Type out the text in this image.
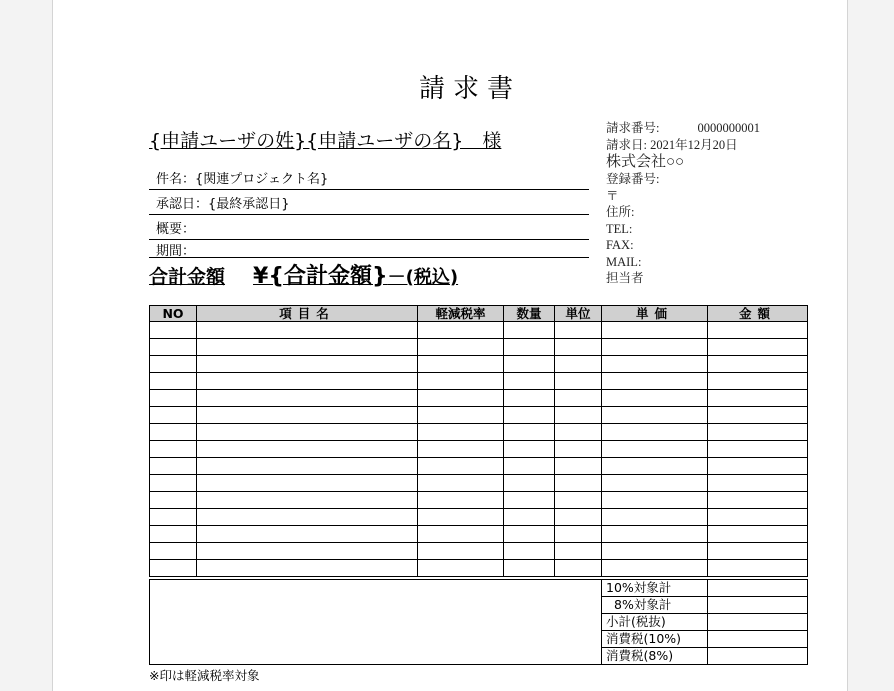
請求書
{申請ユーザの姓}{申請ユーザの名}　様
件名：{関連プロジェクト名}
承認日：{最終承認日}
概要：
期間：
合計金額 ¥{合計金額}－(税込)
請求番号:	0000000001
請求日: 2021年12月20日
株式会社○○
登録番号:
〒
住所:
TEL:
FAX:
MAIL:
担当者
NO	項目名	軽減税率	数量	単位	単価	金額

	10%対象計	
	8%対象計	
	小計(税抜)	
	消費税(10%)	
	消費税(8%)	
※印は軽減税率対象
